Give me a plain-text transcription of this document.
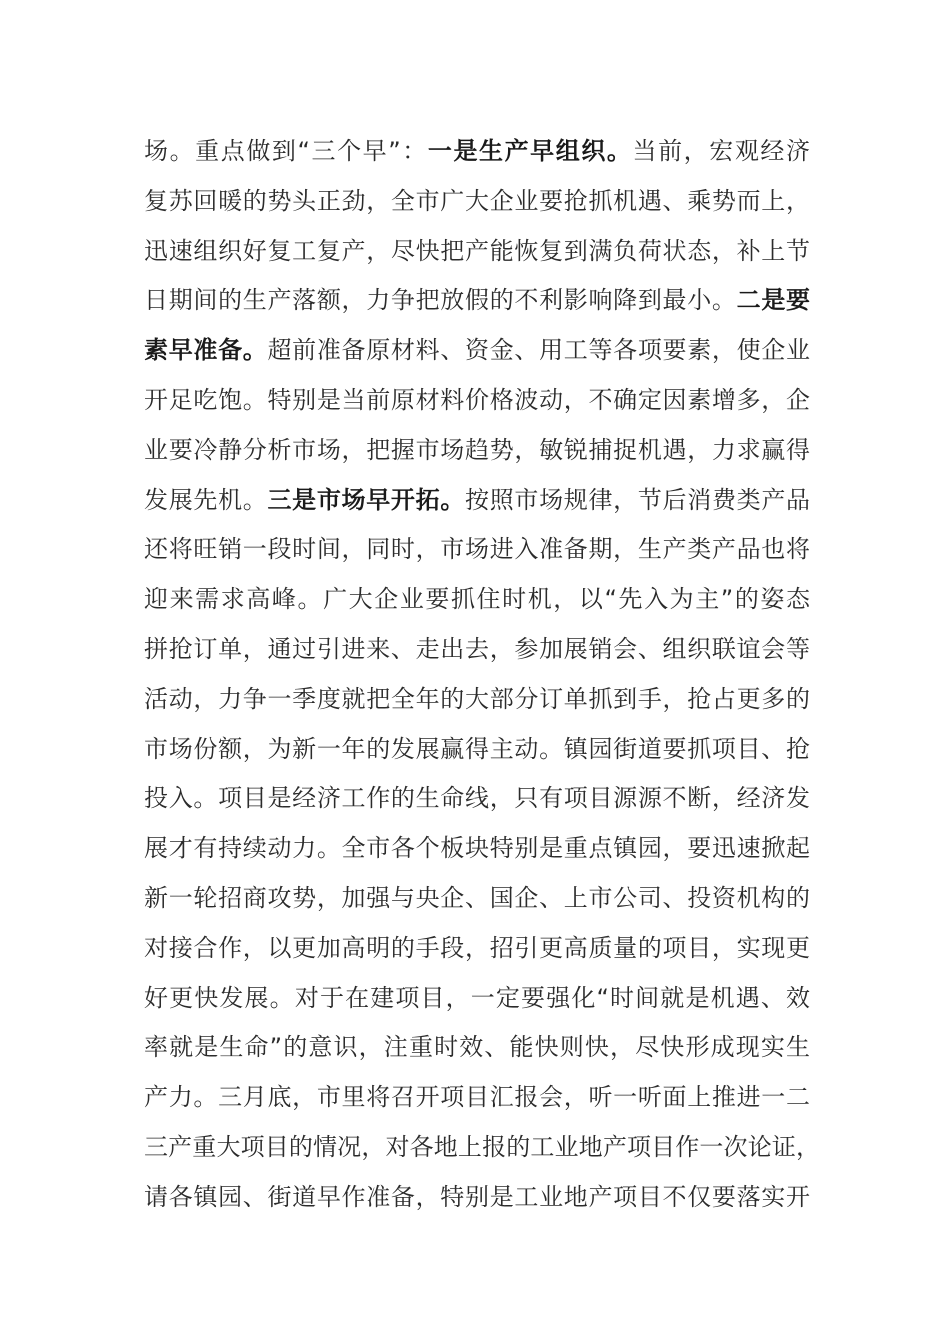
场。重点做到“三个早”：一是生产早组织。当前，宏观经济
复苏回暖的势头正劲，全市广大企业要抢抓机遇、乘势而上，
迅速组织好复工复产，尽快把产能恢复到满负荷状态，补上节
日期间的生产落额，力争把放假的不利影响降到最小。二是要
素早准备。超前准备原材料、资金、用工等各项要素，使企业
开足吃饱。特别是当前原材料价格波动，不确定因素增多，企
业要冷静分析市场，把握市场趋势，敏锐捕捉机遇，力求赢得
发展先机。三是市场早开拓。按照市场规律，节后消费类产品
还将旺销一段时间，同时，市场进入准备期，生产类产品也将
迎来需求高峰。广大企业要抓住时机，以“先入为主”的姿态
拼抢订单，通过引进来、走出去，参加展销会、组织联谊会等
活动，力争一季度就把全年的大部分订单抓到手，抢占更多的
市场份额，为新一年的发展赢得主动。镇园街道要抓项目、抢
投入。项目是经济工作的生命线，只有项目源源不断，经济发
展才有持续动力。全市各个板块特别是重点镇园，要迅速掀起
新一轮招商攻势，加强与央企、国企、上市公司、投资机构的
对接合作，以更加高明的手段，招引更高质量的项目，实现更
好更快发展。对于在建项目，一定要强化“时间就是机遇、效
率就是生命”的意识，注重时效、能快则快，尽快形成现实生
产力。三月底，市里将召开项目汇报会，听一听面上推进一二
三产重大项目的情况，对各地上报的工业地产项目作一次论证，
请各镇园、街道早作准备，特别是工业地产项目不仅要落实开
